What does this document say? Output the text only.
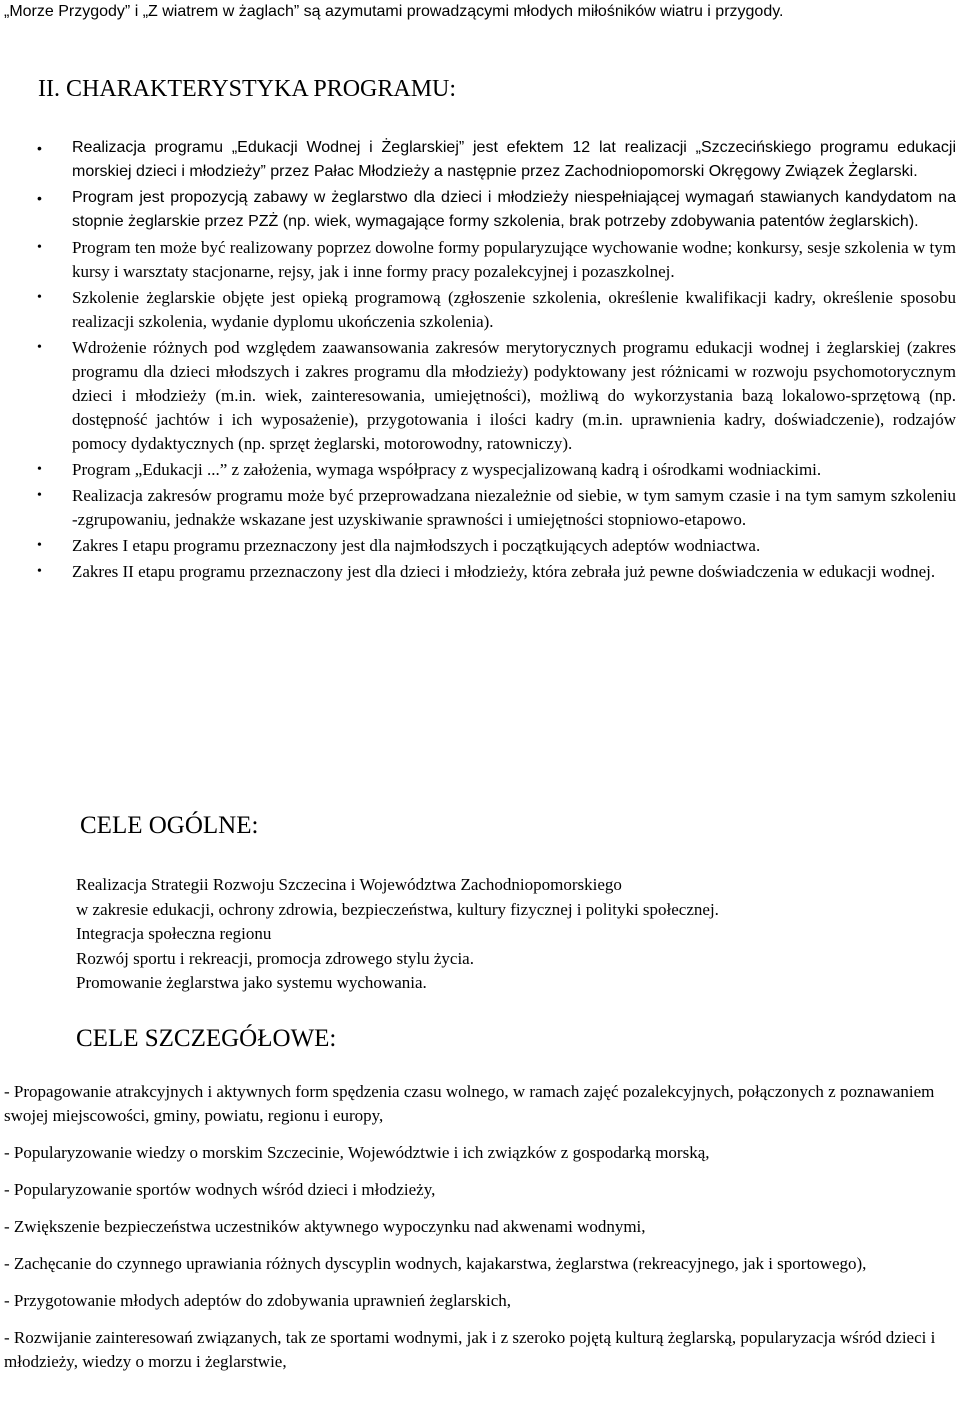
„Morze Przygody” i „Z wiatrem w żaglach” są azymutami prowadzącymi młodych miłośników wiatru i przygody.

II. CHARAKTERYSTYKA PROGRAMU:
• Realizacja programu „Edukacji Wodnej i Żeglarskiej” jest efektem 12 lat realizacji „Szczecińskiego programu edukacji morskiej dzieci i młodzieży” przez Pałac Młodzieży a następnie przez Zachodniopomorski Okręgowy Związek Żeglarski.
• Program jest propozycją zabawy w żeglarstwo dla dzieci i młodzieży niespełniającej wymagań stawianych kandydatom na stopnie żeglarskie przez PZŻ (np. wiek, wymagające formy szkolenia, brak potrzeby zdobywania patentów żeglarskich).
• Program ten może być realizowany poprzez dowolne formy popularyzujące wychowanie wodne; konkursy, sesje szkolenia w tym kursy i warsztaty stacjonarne, rejsy, jak i inne formy pracy pozalekcyjnej i pozaszkolnej.
• Szkolenie żeglarskie objęte jest opieką programową (zgłoszenie szkolenia, określenie kwalifikacji kadry, określenie sposobu realizacji szkolenia, wydanie dyplomu ukończenia szkolenia).
• Wdrożenie różnych pod względem zaawansowania zakresów merytorycznych programu edukacji wodnej i żeglarskiej (zakres programu dla dzieci młodszych i zakres programu dla młodzieży) podyktowany jest różnicami w rozwoju psychomotorycznym dzieci i młodzieży (m.in. wiek, zainteresowania, umiejętności), możliwą do wykorzystania bazą lokalowo-sprzętową (np. dostępność jachtów i ich wyposażenie), przygotowania i ilości kadry (m.in. uprawnienia kadry, doświadczenie), rodzajów pomocy dydaktycznych (np. sprzęt żeglarski, motorowodny, ratowniczy).
• Program „Edukacji ...” z założenia, wymaga współpracy z wyspecjalizowaną kadrą i ośrodkami wodniackimi.
• Realizacja zakresów programu może być przeprowadzana niezależnie od siebie, w tym samym czasie i na tym samym szkoleniu -zgrupowaniu, jednakże wskazane jest uzyskiwanie sprawności i umiejętności stopniowo-etapowo.
• Zakres I etapu programu przeznaczony jest dla najmłodszych i początkujących adeptów wodniactwa.
• Zakres II etapu programu przeznaczony jest dla dzieci i młodzieży, która zebrała już pewne doświadczenia w edukacji wodnej.
CELE OGÓLNE:
Realizacja Strategii Rozwoju Szczecina i Województwa Zachodniopomorskiego
w zakresie edukacji, ochrony zdrowia, bezpieczeństwa, kultury fizycznej i polityki społecznej.
Integracja społeczna regionu
Rozwój sportu i rekreacji, promocja zdrowego stylu życia.
Promowanie żeglarstwa jako systemu wychowania.
CELE SZCZEGÓŁOWE:
- Propagowanie atrakcyjnych i aktywnych form spędzenia czasu wolnego, w ramach zajęć pozalekcyjnych, połączonych z poznawaniem swojej miejscowości, gminy, powiatu, regionu i europy,
- Popularyzowanie wiedzy o morskim Szczecinie, Województwie i ich związków z gospodarką morską,
- Popularyzowanie sportów wodnych wśród dzieci i młodzieży,
- Zwiększenie bezpieczeństwa uczestników aktywnego wypoczynku nad akwenami wodnymi,
- Zachęcanie do czynnego uprawiania różnych dyscyplin wodnych, kajakarstwa, żeglarstwa (rekreacyjnego, jak i sportowego),
- Przygotowanie młodych adeptów do zdobywania uprawnień żeglarskich,
- Rozwijanie zainteresowań związanych, tak ze sportami wodnymi, jak i z szeroko pojętą kulturą żeglarską, popularyzacja wśród dzieci i młodzieży, wiedzy o morzu i żeglarstwie,
